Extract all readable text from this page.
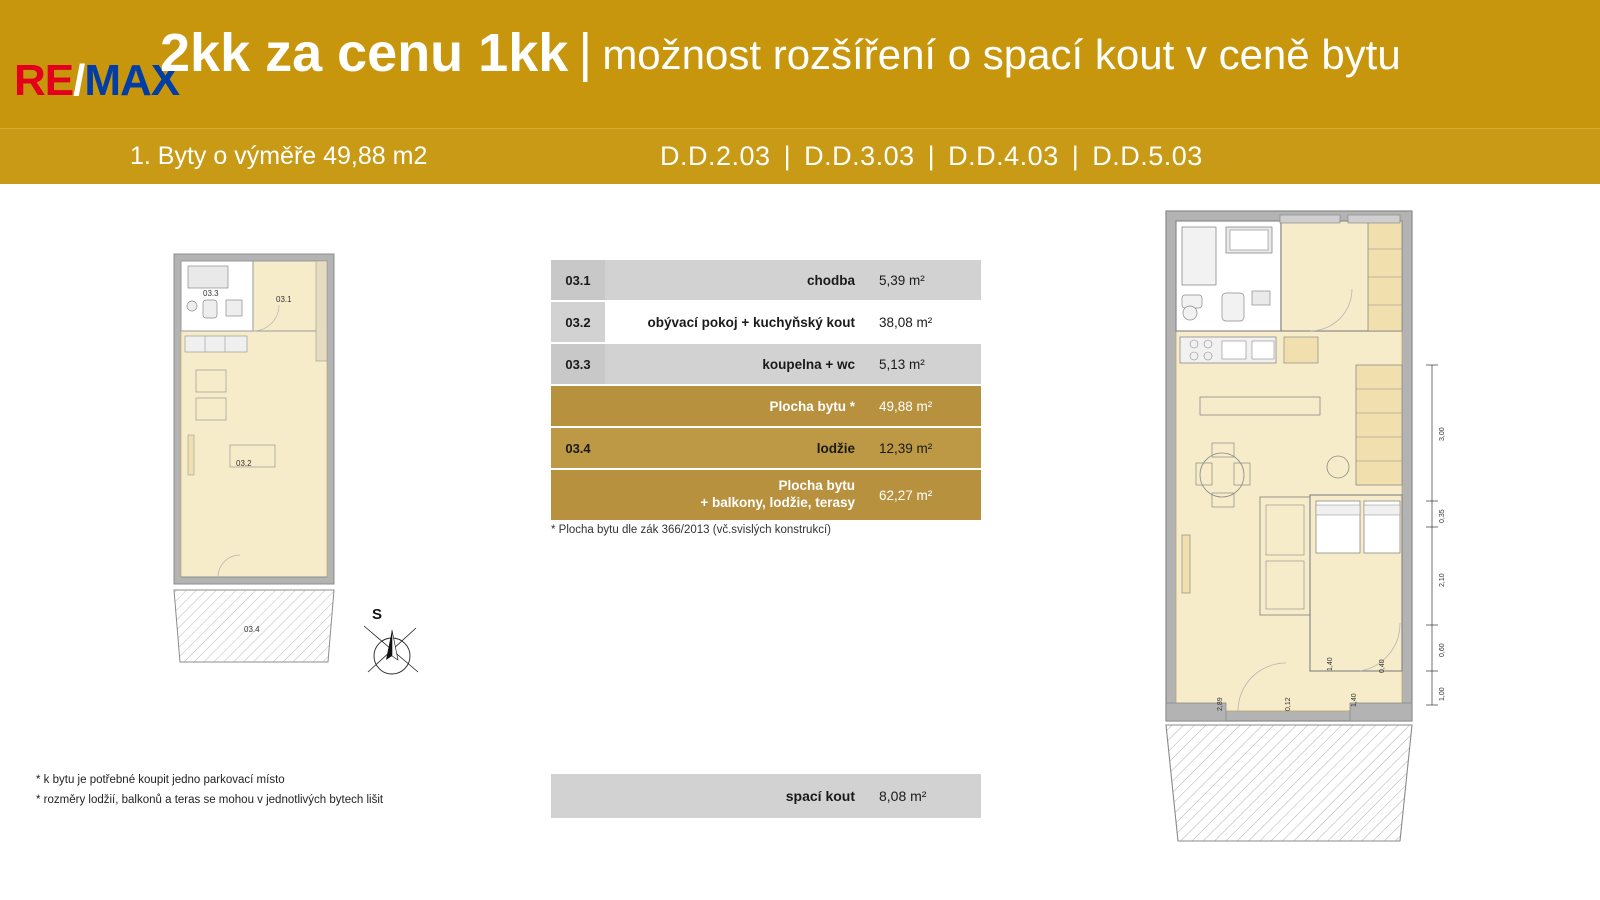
RE/MAX
2kk za cenu 1kk | možnost rozšíření o spací kout v ceně bytu
1. Byty o výměře 49,88 m2	D.D.2.03 | D.D.3.03 | D.D.4.03 | D.D.5.03
03.3
03.1
03.2
03.4
S
03.1	chodba	5,39 m²
03.2	obývací pokoj + kuchyňský kout	38,08 m²
03.3	koupelna + wc	5,13 m²
Plocha bytu *	49,88 m²
03.4	lodžie	12,39 m²
Plocha bytu
+ balkony, lodžie, terasy	62,27 m²
* Plocha bytu dle zák 366/2013 (vč.svislých konstrukcí)
spací kout	8,08 m²
* k bytu je potřebné koupit jedno parkovací místo
* rozměry lodžií, balkonů a teras se mohou v jednotlivých bytech lišit
3,00
0,35
2,10
0,60
1,00
1,40	0,40
2,89	0,12	1,40
